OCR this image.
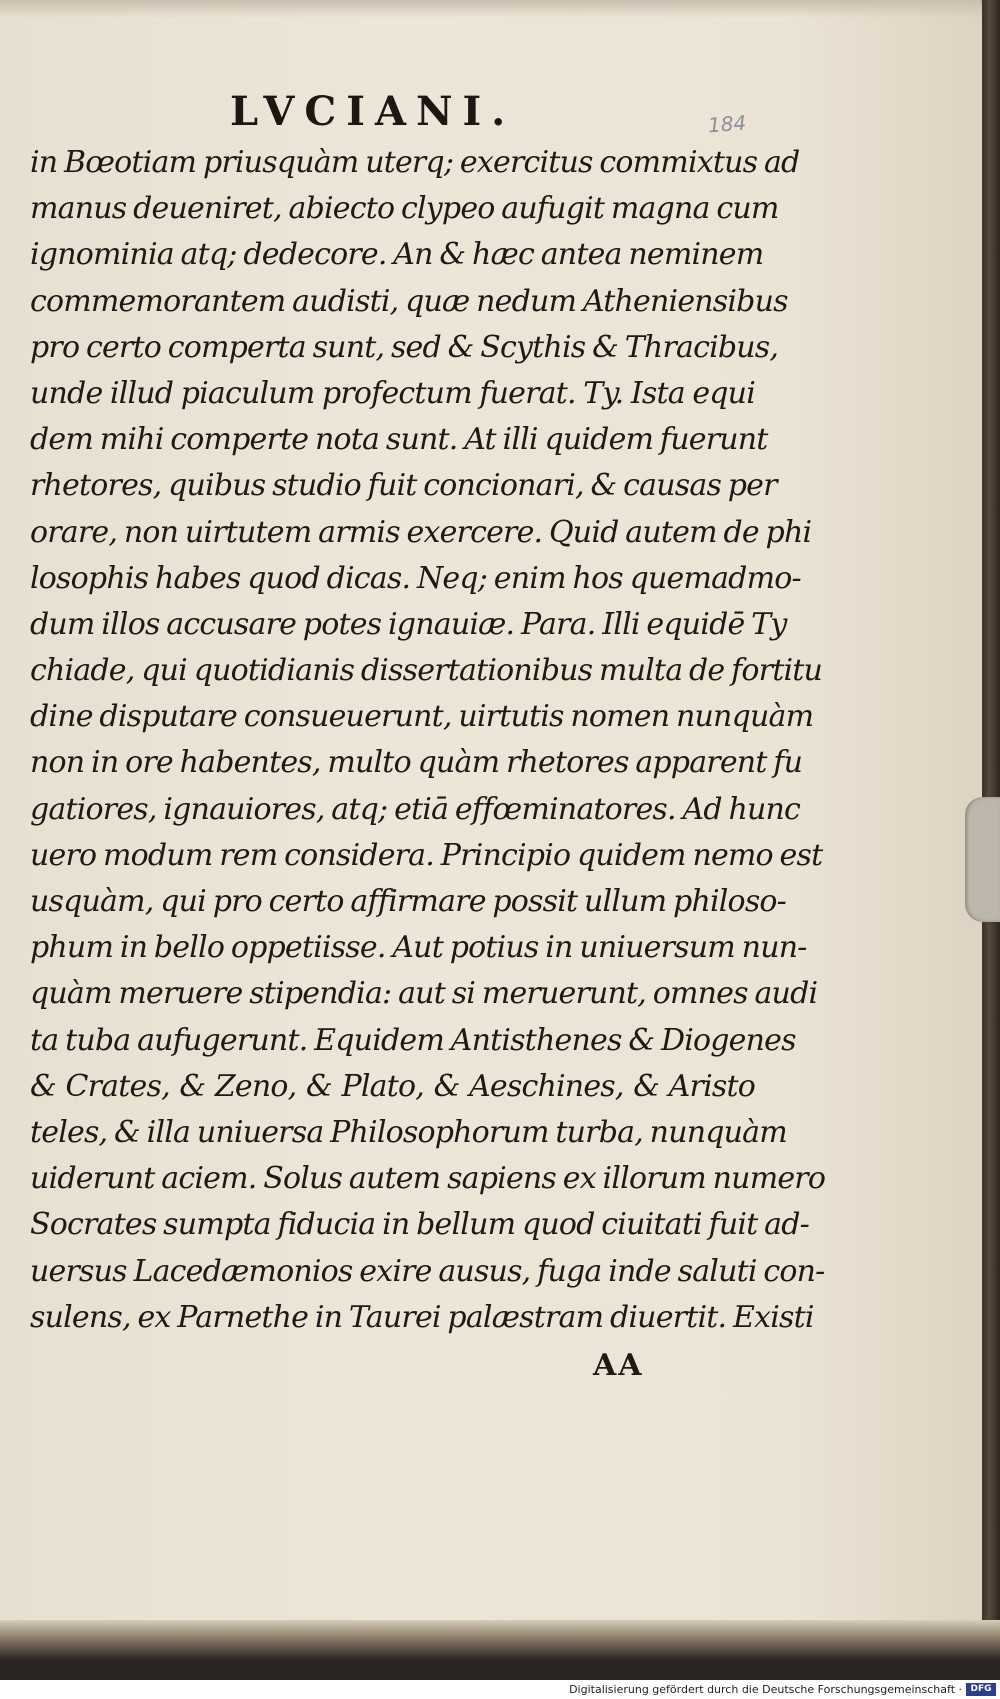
LVCIANI.	184
in Bœotiam priusquàm uterq; exercitus commixtus ad
manus deueniret, abiecto clypeo aufugit magna cum
ignominia atq; dedecore. An & hæc antea neminem
commemorantem audisti, quæ nedum Atheniensibus
pro certo comperta sunt, sed & Scythis & Thracibus,
unde illud piaculum profectum fuerat. Ty. Ista equi
dem mihi comperte nota sunt. At illi quidem fuerunt
rhetores, quibus studio fuit concionari, & causas per
orare, non uirtutem armis exercere. Quid autem de phi
losophis habes quod dicas. Neq; enim hos quemadmo-
dum illos accusare potes ignauiæ. Para. Illi equidē Ty
chiade, qui quotidianis dissertationibus multa de fortitu
dine disputare consueuerunt, uirtutis nomen nunquàm
non in ore habentes, multo quàm rhetores apparent fu
gatiores, ignauiores, atq; etiā effœminatores. Ad hunc
uero modum rem considera. Principio quidem nemo est
usquàm, qui pro certo affirmare possit ullum philoso-
phum in bello oppetiisse. Aut potius in uniuersum nun-
quàm meruere stipendia: aut si meruerunt, omnes audi
ta tuba aufugerunt. Equidem Antisthenes & Diogenes
& Crates, & Zeno, & Plato, & Aeschines, & Aristo
teles, & illa uniuersa Philosophorum turba, nunquàm
uiderunt aciem. Solus autem sapiens ex illorum numero
Socrates sumpta fiducia in bellum quod ciuitati fuit ad-
uersus Lacedæmonios exire ausus, fuga inde saluti con-
sulens, ex Parnethe in Taurei palæstram diuertit. Existi
AA
Digitalisierung gefördert durch die Deutsche Forschungsgemeinschaft · DFG
